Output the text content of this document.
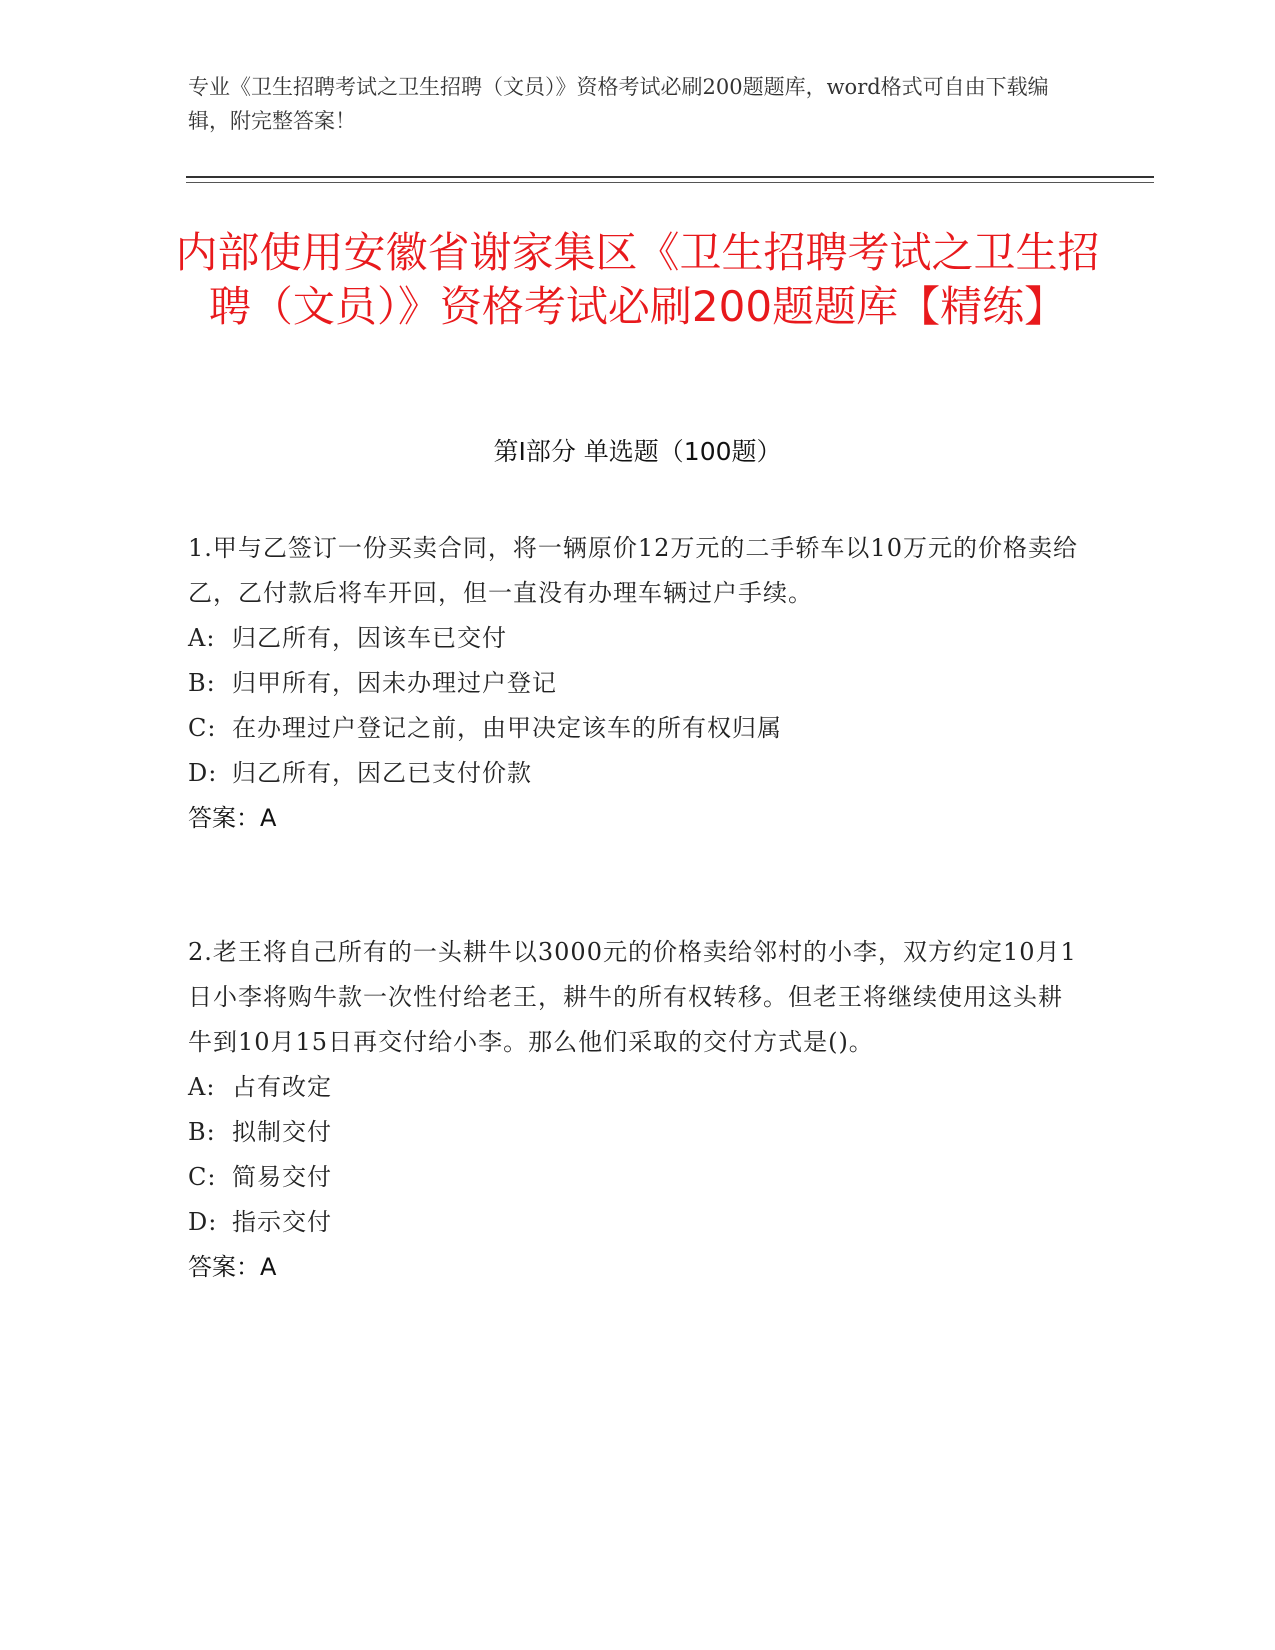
专业《卫生招聘考试之卫生招聘（文员）》资格考试必刷200题题库，word格式可自由下载编辑，附完整答案！
内部使用安徽省谢家集区《卫生招聘考试之卫生招聘（文员）》资格考试必刷200题题库【精练】
第I部分 单选题（100题）
1.甲与乙签订一份买卖合同，将一辆原价12万元的二手轿车以10万元的价格卖给乙，乙付款后将车开回，但一直没有办理车辆过户手续。
A: 归乙所有，因该车已交付
B: 归甲所有，因未办理过户登记
C: 在办理过户登记之前，由甲决定该车的所有权归属
D: 归乙所有，因乙已支付价款
答案：A
2.老王将自己所有的一头耕牛以3000元的价格卖给邻村的小李，双方约定10月1日小李将购牛款一次性付给老王，耕牛的所有权转移。但老王将继续使用这头耕牛到10月15日再交付给小李。那么他们采取的交付方式是()。
A: 占有改定
B: 拟制交付
C: 简易交付
D: 指示交付
答案：A
